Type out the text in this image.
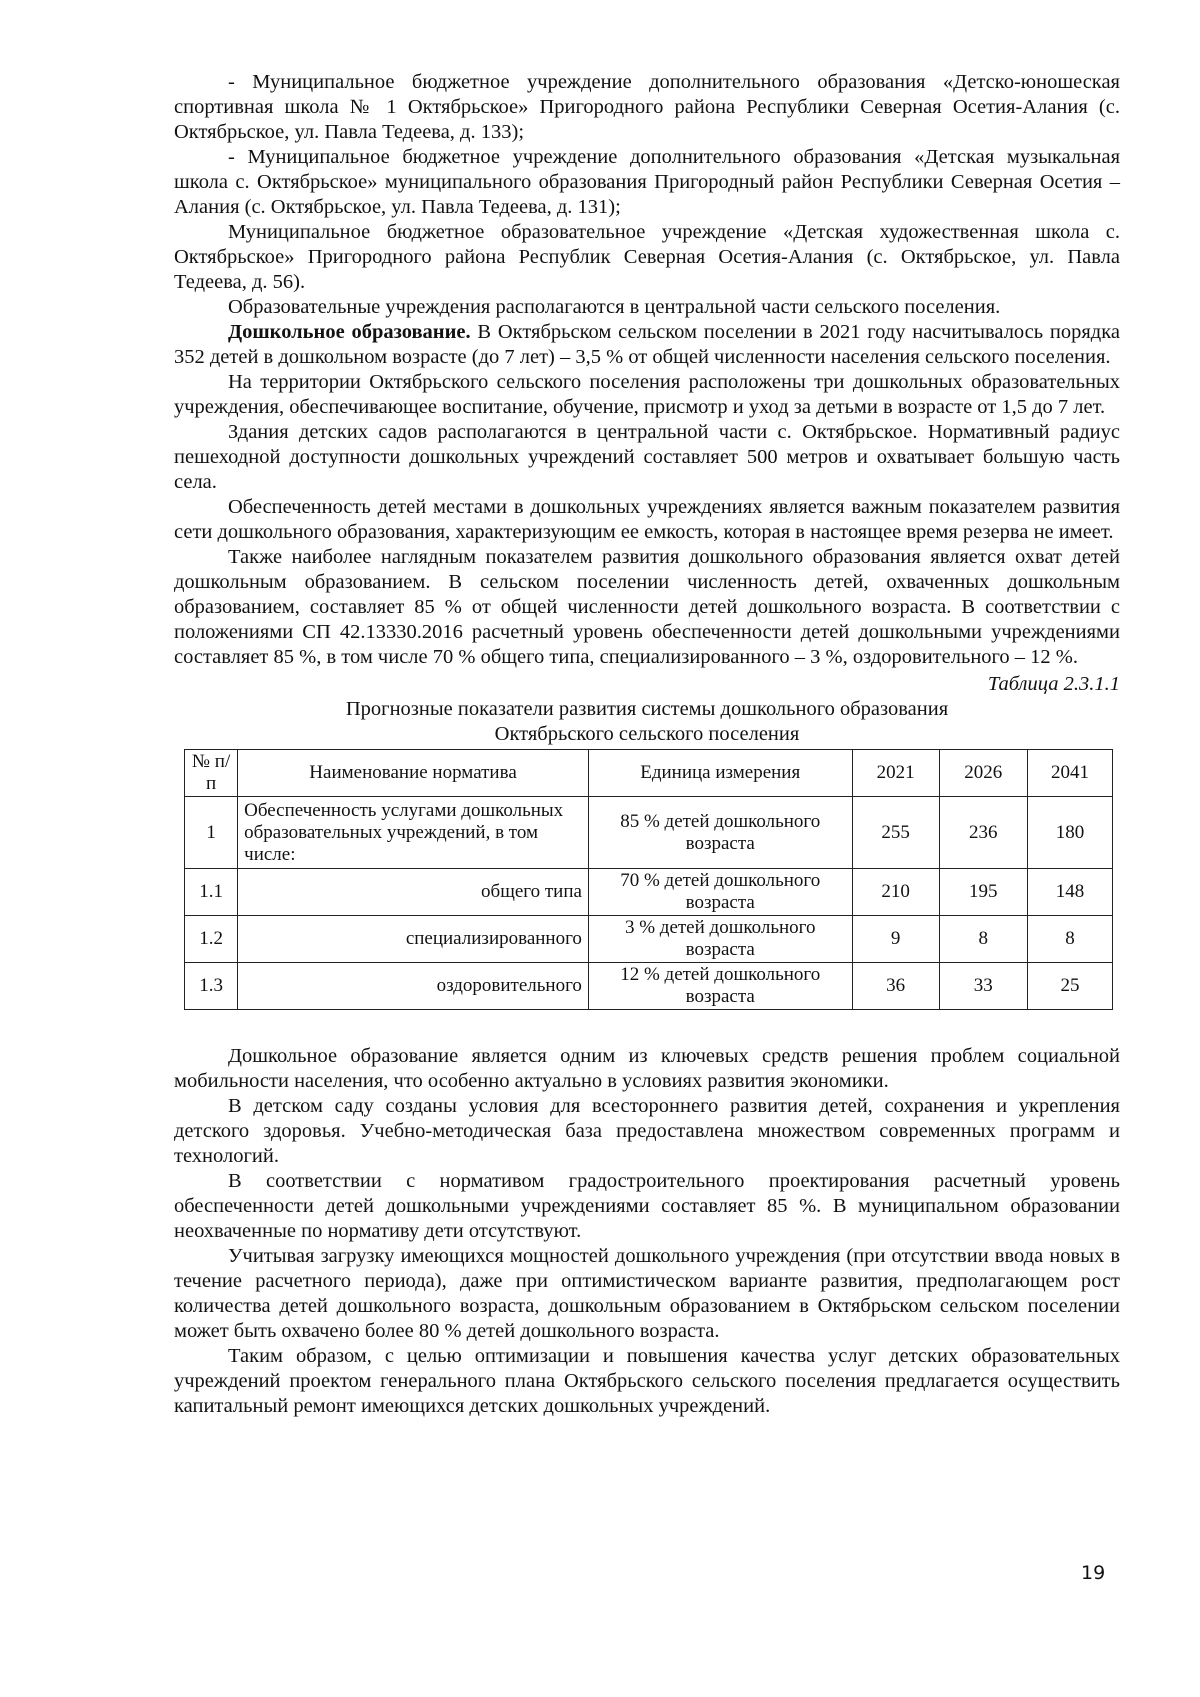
- Муниципальное бюджетное учреждение дополнительного образования «Детско-юношеская спортивная школа № 1 Октябрьское» Пригородного района Республики Северная Осетия-Алания (с. Октябрьское, ул. Павла Тедеева, д. 133);

- Муниципальное бюджетное учреждение дополнительного образования «Детская музыкальная школа с. Октябрьское» муниципального образования Пригородный район Республики Северная Осетия – Алания (с. Октябрьское, ул. Павла Тедеева, д. 131);

Муниципальное бюджетное образовательное учреждение «Детская художественная школа с. Октябрьское» Пригородного района Республик Северная Осетия-Алания (с. Октябрьское, ул. Павла Тедеева, д. 56).

Образовательные учреждения располагаются в центральной части сельского поселения.

Дошкольное образование. В Октябрьском сельском поселении в 2021 году насчитывалось порядка 352 детей в дошкольном возрасте (до 7 лет) – 3,5 % от общей численности населения сельского поселения.

На территории Октябрьского сельского поселения расположены три дошкольных образовательных учреждения, обеспечивающее воспитание, обучение, присмотр и уход за детьми в возрасте от 1,5 до 7 лет.

Здания детских садов располагаются в центральной части с. Октябрьское. Нормативный радиус пешеходной доступности дошкольных учреждений составляет 500 метров и охватывает большую часть села.

Обеспеченность детей местами в дошкольных учреждениях является важным показателем развития сети дошкольного образования, характеризующим ее емкость, которая в настоящее время резерва не имеет.

Также наиболее наглядным показателем развития дошкольного образования является охват детей дошкольным образованием. В сельском поселении численность детей, охваченных дошкольным образованием, составляет 85 % от общей численности детей дошкольного возраста. В соответствии с положениями СП 42.13330.2016 расчетный уровень обеспеченности детей дошкольными учреждениями составляет 85 %, в том числе 70 % общего типа, специализированного – 3 %, оздоровительного – 12 %.

Таблица 2.3.1.1

Прогнозные показатели развития системы дошкольного образования

Октябрьского сельского поселения

№ п/п	Наименование норматива	Единица измерения	2021	2026	2041
1	Обеспеченность услугами дошкольных образовательных учреждений, в том числе:	85 % детей дошкольного возраста	255	236	180
1.1	общего типа	70 % детей дошкольного возраста	210	195	148
1.2	специализированного	3 % детей дошкольного возраста	9	8	8
1.3	оздоровительного	12 % детей дошкольного возраста	36	33	25

Дошкольное образование является одним из ключевых средств решения проблем социальной мобильности населения, что особенно актуально в условиях развития экономики.

В детском саду созданы условия для всестороннего развития детей, сохранения и укрепления детского здоровья. Учебно-методическая база предоставлена множеством современных программ и технологий.

В соответствии с нормативом градостроительного проектирования расчетный уровень обеспеченности детей дошкольными учреждениями составляет 85 %. В муниципальном образовании неохваченные по нормативу дети отсутствуют.

Учитывая загрузку имеющихся мощностей дошкольного учреждения (при отсутствии ввода новых в течение расчетного периода), даже при оптимистическом варианте развития, предполагающем рост количества детей дошкольного возраста, дошкольным образованием в Октябрьском сельском поселении может быть охвачено более 80 % детей дошкольного возраста.

Таким образом, с целью оптимизации и повышения качества услуг детских образовательных учреждений проектом генерального плана Октябрьского сельского поселения предлагается осуществить капитальный ремонт имеющихся детских дошкольных учреждений.

19
